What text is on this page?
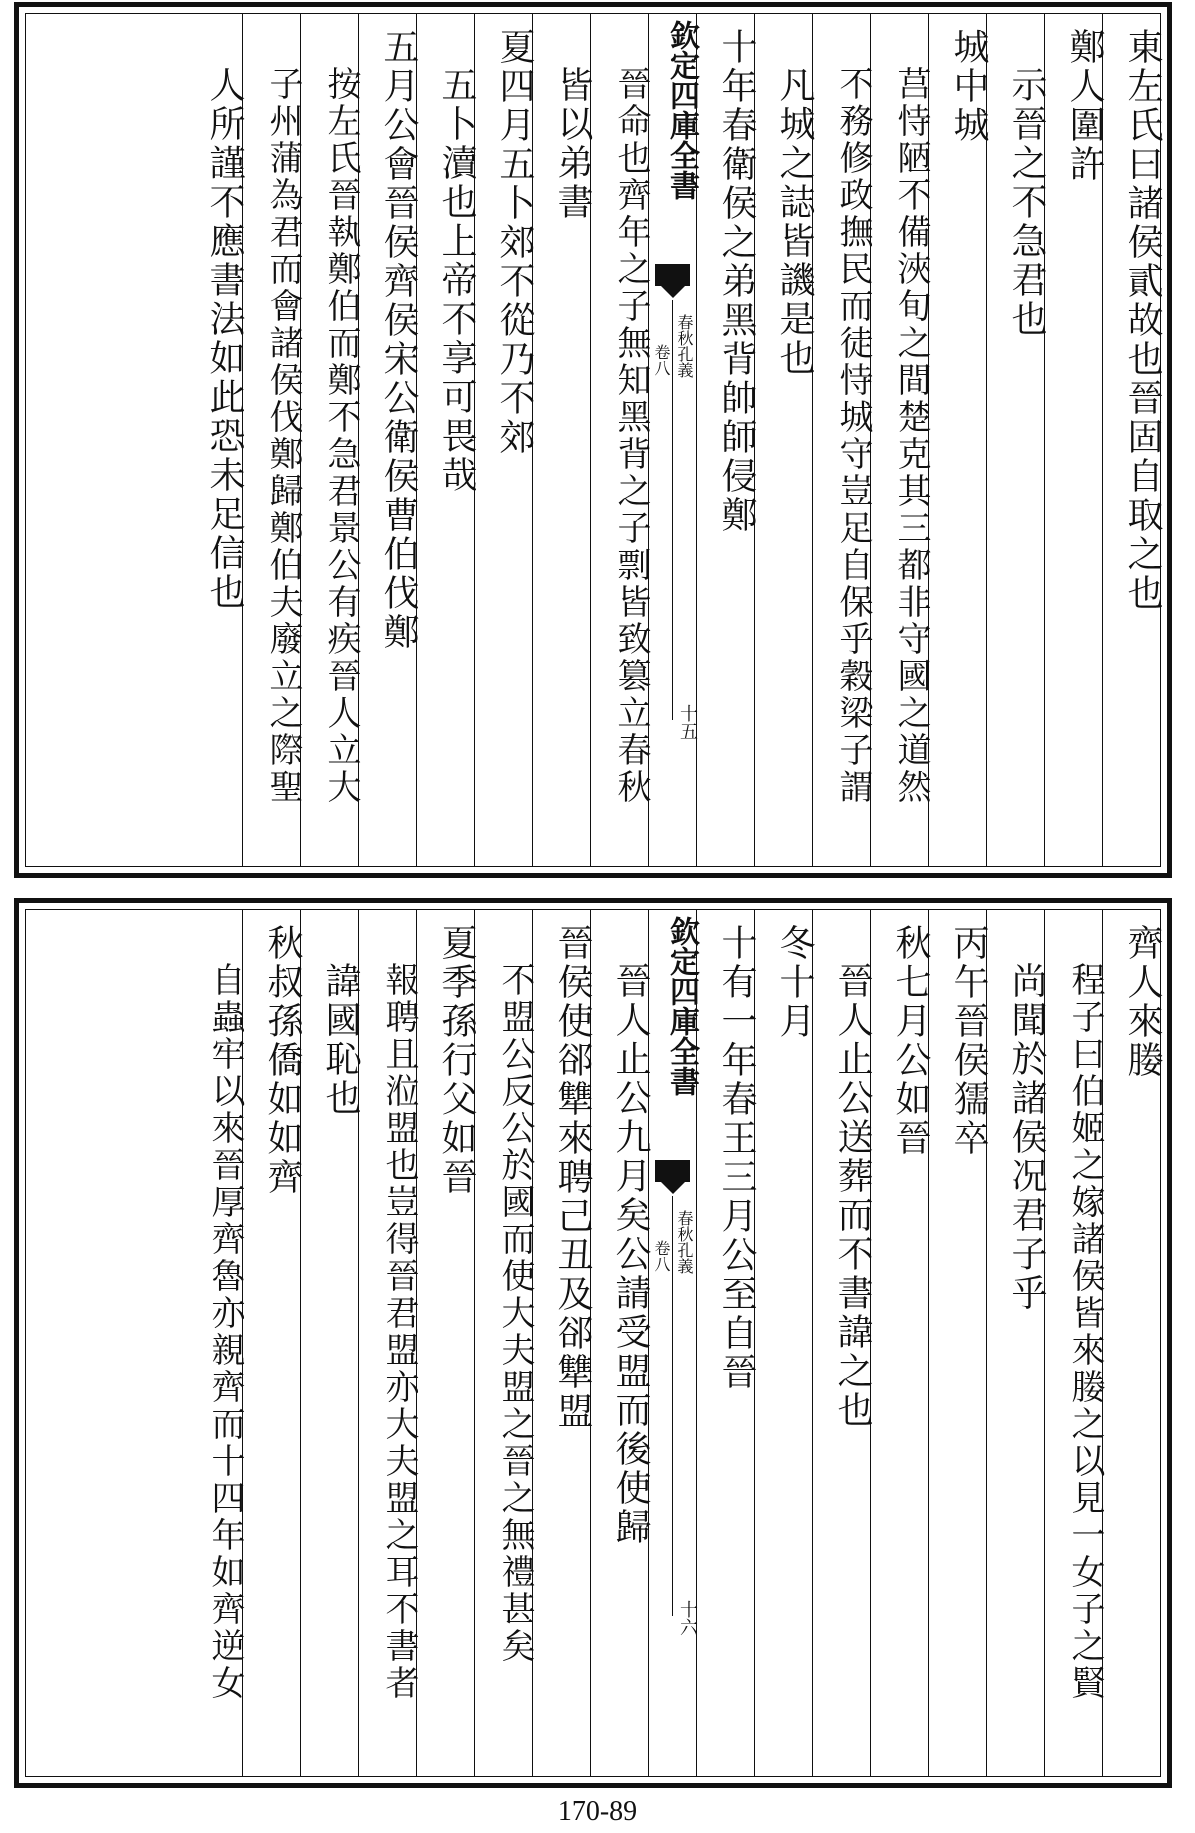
東左氏曰諸侯貳故也晉固自取之也
鄭人圍許
示晉之不急君也
城中城
莒恃陋不備浹旬之間楚克其三都非守國之道然
不務修政撫民而徒恃城守豈足自保乎穀梁子謂
凡城之誌皆譏是也
十年春衛侯之弟黑背帥師侵鄭
欽定四庫全書
春秋孔義
卷八
十五
晉命也齊年之子無知黑背之子剽皆致篡立春秋
皆以弟書
夏四月五卜郊不從乃不郊
五卜瀆也上帝不享可畏哉
五月公會晉侯齊侯宋公衛侯曹伯伐鄭
按左氏晉執鄭伯而鄭不急君景公有疾晉人立大
子州蒲為君而會諸侯伐鄭歸鄭伯夫廢立之際聖
人所謹不應書法如此恐未足信也
齊人來媵
程子曰伯姬之嫁諸侯皆來媵之以見一女子之賢
尚聞於諸侯况君子乎
丙午晉侯獳卒
秋七月公如晉
晉人止公送葬而不書諱之也
冬十月
十有一年春王三月公至自晉
欽定四庫全書
春秋孔義
卷八
十六
晉人止公九月矣公請受盟而後使歸
晉侯使郤犨來聘己丑及郤犨盟
不盟公反公於國而使大夫盟之晉之無禮甚矣
夏季孫行父如晉
報聘且涖盟也豈得晉君盟亦大夫盟之耳不書者
諱國恥也
秋叔孫僑如如齊
自蟲牢以來晉厚齊魯亦親齊而十四年如齊逆女
170-89
